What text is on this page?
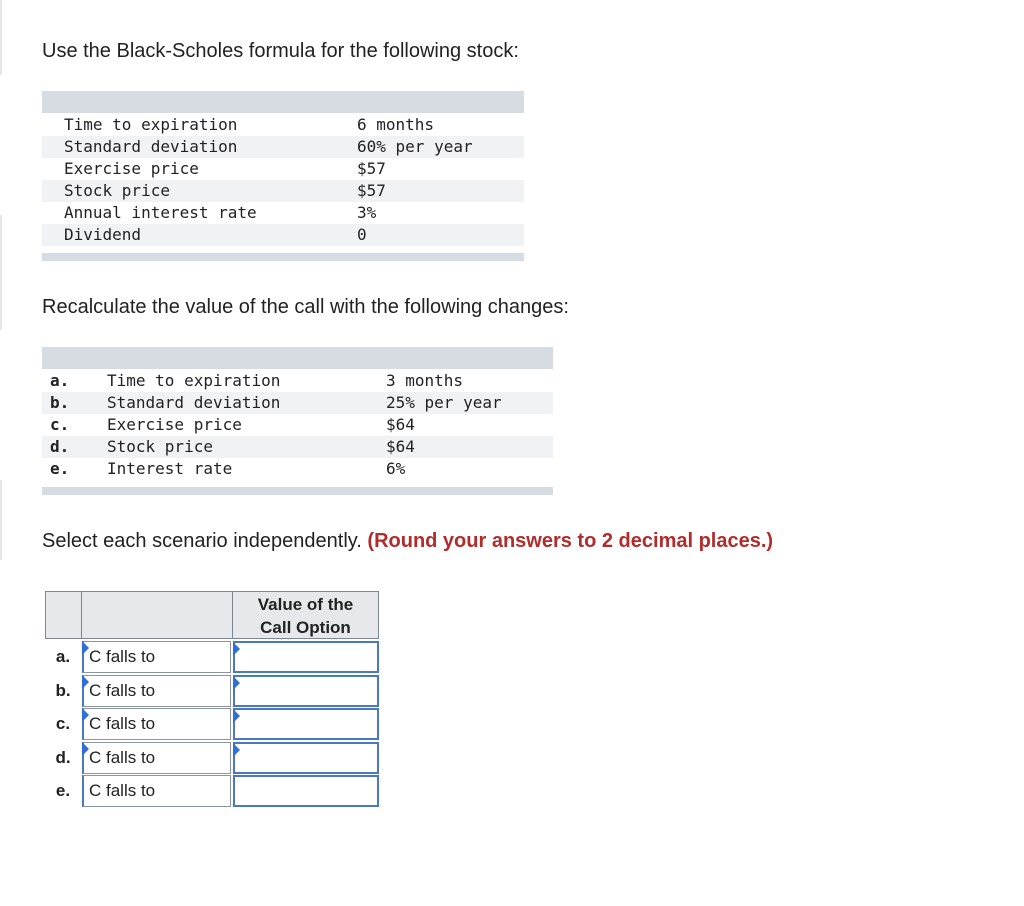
Use the Black-Scholes formula for the following stock:
Time to expiration	6 months
Standard deviation	60% per year
Exercise price	$57
Stock price	$57
Annual interest rate	3%
Dividend	0
Recalculate the value of the call with the following changes:
a. Time to expiration	3 months
b. Standard deviation	25% per year
c. Exercise price	$64
d. Stock price	$64
e. Interest rate	6%
Select each scenario independently. (Round your answers to 2 decimal places.)
Value of the
Call Option
a.	C falls to
b.	C falls to
c.	C falls to
d.	C falls to
e.	C falls to
